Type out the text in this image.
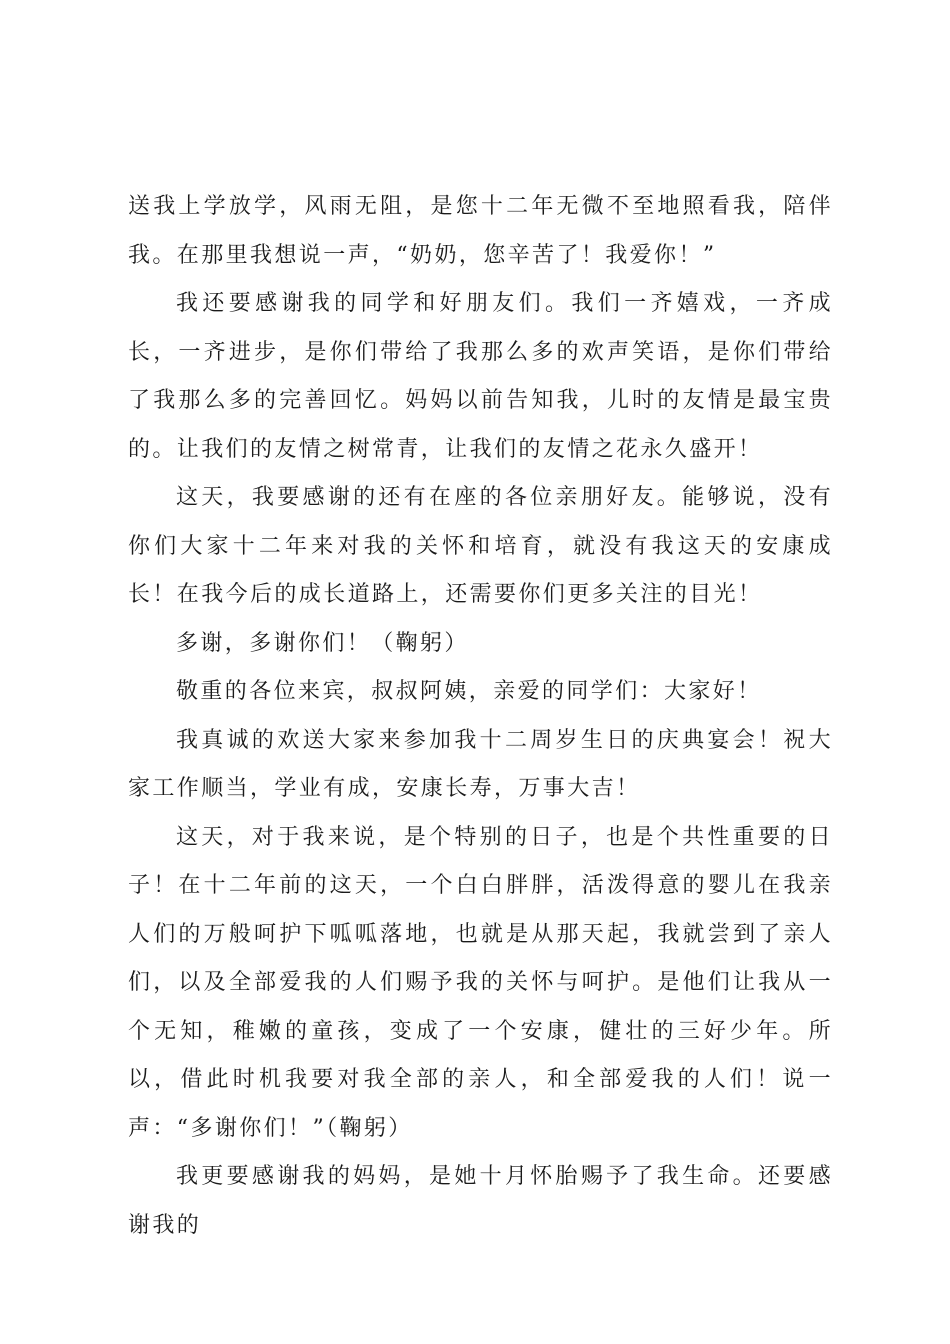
送我上学放学，风雨无阻，是您十二年无微不至地照看我，陪伴我。在那里我想说一声，“奶奶，您辛苦了！我爱你！”

我还要感谢我的同学和好朋友们。我们一齐嬉戏，一齐成长，一齐进步，是你们带给了我那么多的欢声笑语，是你们带给了我那么多的完善回忆。妈妈以前告知我，儿时的友情是最宝贵的。让我们的友情之树常青，让我们的友情之花永久盛开！

这天，我要感谢的还有在座的各位亲朋好友。能够说，没有你们大家十二年来对我的关怀和培育，就没有我这天的安康成长！在我今后的成长道路上，还需要你们更多关注的目光！

多谢，多谢你们！（鞠躬）

敬重的各位来宾，叔叔阿姨，亲爱的同学们：大家好！

我真诚的欢送大家来参加我十二周岁生日的庆典宴会！祝大家工作顺当，学业有成，安康长寿，万事大吉！

这天，对于我来说，是个特别的日子，也是个共性重要的日子！在十二年前的这天，一个白白胖胖，活泼得意的婴儿在我亲人们的万般呵护下呱呱落地，也就是从那天起，我就尝到了亲人们，以及全部爱我的人们赐予我的关怀与呵护。是他们让我从一个无知，稚嫩的童孩，变成了一个安康，健壮的三好少年。所以，借此时机我要对我全部的亲人，和全部爱我的人们！说一声：“多谢你们！”（鞠躬）

我更要感谢我的妈妈，是她十月怀胎赐予了我生命。还要感谢我的
